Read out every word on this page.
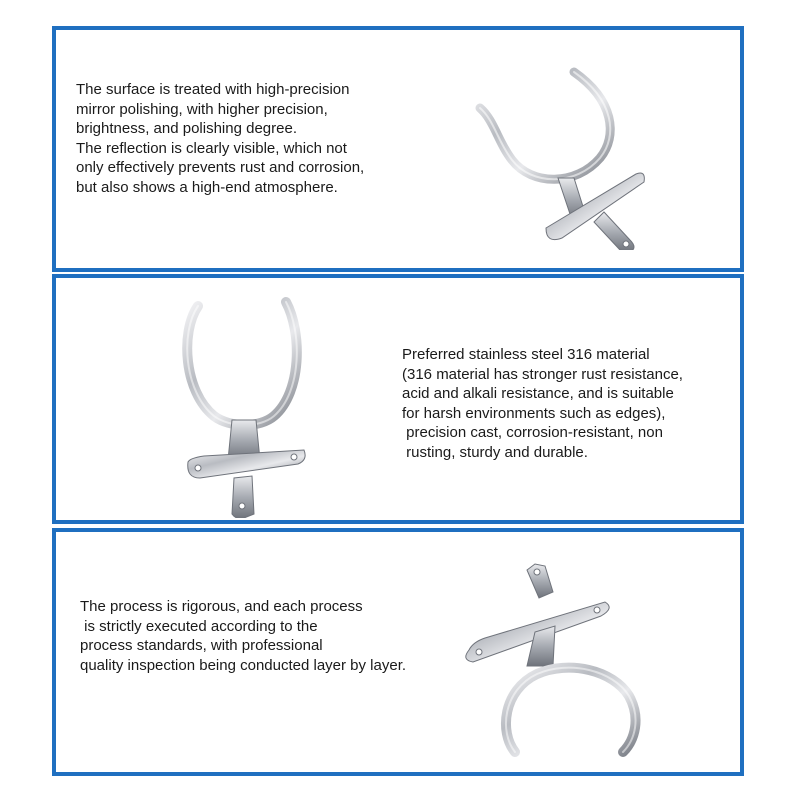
The surface is treated with high-precision
mirror polishing, with higher precision,
brightness, and polishing degree.
The reflection is clearly visible, which not
only effectively prevents rust and corrosion,
but also shows a high-end atmosphere.
Preferred stainless steel 316 material
(316 material has stronger rust resistance,
acid and alkali resistance, and is suitable
for harsh environments such as edges),
precision cast, corrosion-resistant, non
rusting, sturdy and durable.
The process is rigorous, and each process
is strictly executed according to the
process standards, with professional
quality inspection being conducted layer by layer.
